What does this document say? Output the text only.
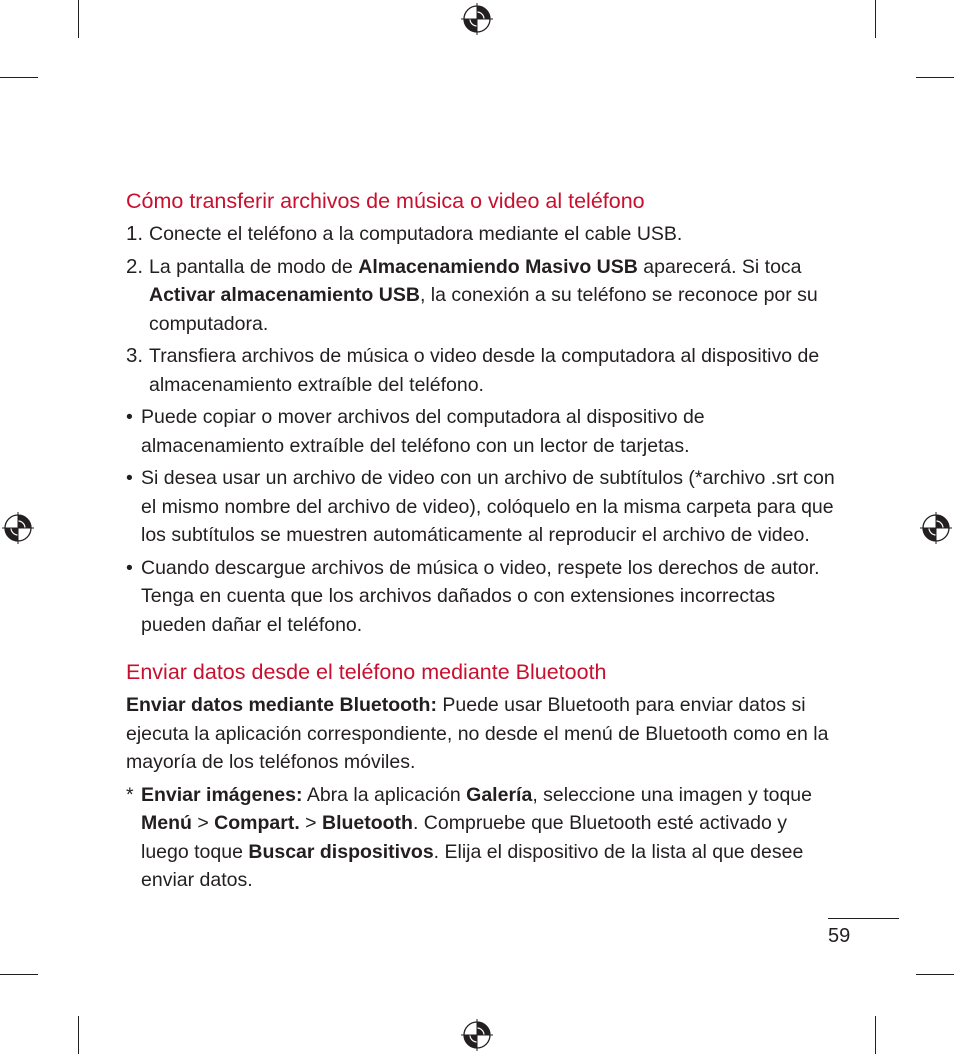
Cómo transferir archivos de música o video al teléfono
1. Conecte el teléfono a la computadora mediante el cable USB.
2. La pantalla de modo de Almacenamiendo Masivo USB aparecerá. Si toca Activar almacenamiento USB, la conexión a su teléfono se reconoce por su computadora.
3. Transfiera archivos de música o video desde la computadora al dispositivo de almacenamiento extraíble del teléfono.
• Puede copiar o mover archivos del computadora al dispositivo de almacenamiento extraíble del teléfono con un lector de tarjetas.
• Si desea usar un archivo de video con un archivo de subtítulos (*archivo .srt con el mismo nombre del archivo de video), colóquelo en la misma carpeta para que los subtítulos se muestren automáticamente al reproducir el archivo de video.
• Cuando descargue archivos de música o video, respete los derechos de autor. Tenga en cuenta que los archivos dañados o con extensiones incorrectas pueden dañar el teléfono.
Enviar datos desde el teléfono mediante Bluetooth
Enviar datos mediante Bluetooth: Puede usar Bluetooth para enviar datos si ejecuta la aplicación correspondiente, no desde el menú de Bluetooth como en la mayoría de los teléfonos móviles.
* Enviar imágenes: Abra la aplicación Galería, seleccione una imagen y toque Menú > Compart. > Bluetooth. Compruebe que Bluetooth esté activado y luego toque Buscar dispositivos. Elija el dispositivo de la lista al que desee enviar datos.
59
